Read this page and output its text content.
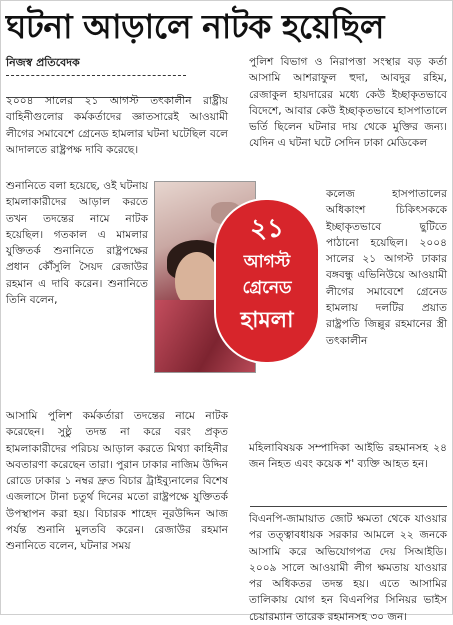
ঘটনা আড়ালে নাটক হয়েছিল
নিজস্ব প্রতিবেদক

২০০৪ সালের ২১ আগস্ট তৎকালীন রাষ্ট্রীয় বাহিনীগুলোর কর্মকর্তাদের জ্ঞাতসারেই আওয়ামী লীগের সমাবেশে গ্রেনেড হামলার ঘটনা ঘটেছিল বলে আদালতে রাষ্ট্রপক্ষ দাবি করেছে।

শুনানিতে বলা হয়েছে, ওই ঘটনায় হামলাকারীদের আড়াল করতে তখন তদন্তের নামে নাটক হয়েছিল। গতকাল এ মামলার যুক্তিতর্ক শুনানিতে রাষ্ট্রপক্ষের প্রধান কৌঁসুলি সৈয়দ রেজাউর রহমান এ দাবি করেন। শুনানিতে তিনি বলেন,

আসামি পুলিশ কর্মকর্তারা তদন্তের নামে নাটক করেছেন। সুষ্ঠু তদন্ত না করে বরং প্রকৃত হামলাকারীদের পরিচয় আড়াল করতে মিথ্যা কাহিনীর অবতারণা করেছেন তারা। পুরান ঢাকার নাজিম উদ্দিন রোডে ঢাকার ১ নম্বর দ্রুত বিচার ট্রাইব্যুনালের বিশেষ এজলাসে টানা চতুর্থ দিনের মতো রাষ্ট্রপক্ষে যুক্তিতর্ক উপস্থাপন করা হয়। বিচারক শাহেদ নূরউদ্দিন আজ পর্যন্ত শুনানি মুলতবি করেন। রেজাউর রহমান শুনানিতে বলেন, ঘটনার সময়

২১
আগস্ট
গ্রেনেড
হামলা

পুলিশ বিভাগ ও নিরাপত্তা সংস্থার বড় কর্তা আসামি আশরাফুল হুদা, আবদুর রহিম, রেজাকুল হায়দারের মধ্যে কেউ ইচ্ছাকৃতভাবে বিদেশে, আবার কেউ ইচ্ছাকৃতভাবে হাসপাতালে ভর্তি ছিলেন ঘটনার দায় থেকে মুক্তির জন্য। যেদিন এ ঘটনা ঘটে সেদিন ঢাকা মেডিকেল

কলেজ হাসপাতালের অধিকাংশ চিকিৎসককে ইচ্ছাকৃতভাবে ছুটিতে পাঠানো হয়েছিল। ২০০৪ সালের ২১ আগস্ট ঢাকার বঙ্গবন্ধু এভিনিউয়ে আওয়ামী লীগের সমাবেশে গ্রেনেড হামলায় দলটির প্রয়াত রাষ্ট্রপতি জিল্লুর রহমানের স্ত্রী তৎকালীন

মহিলাবিষয়ক সম্পাদিকা আইভি রহমানসহ ২৪ জন নিহত এবং কয়েক শ' ব্যক্তি আহত হন।

বিএনপি-জামায়াত জোট ক্ষমতা থেকে যাওয়ার পর তত্ত্বাবধায়ক সরকার আমলে ২২ জনকে আসামি করে অভিযোগপত্র দেয় সিআইডি। ২০০৯ সালে আওয়ামী লীগ ক্ষমতায় যাওয়ার পর অধিকতর তদন্ত হয়। এতে আসামির তালিকায় যোগ হন বিএনপির সিনিয়র ভাইস চেয়ারম্যান তারেক রহমানসহ ৩০ জন।
